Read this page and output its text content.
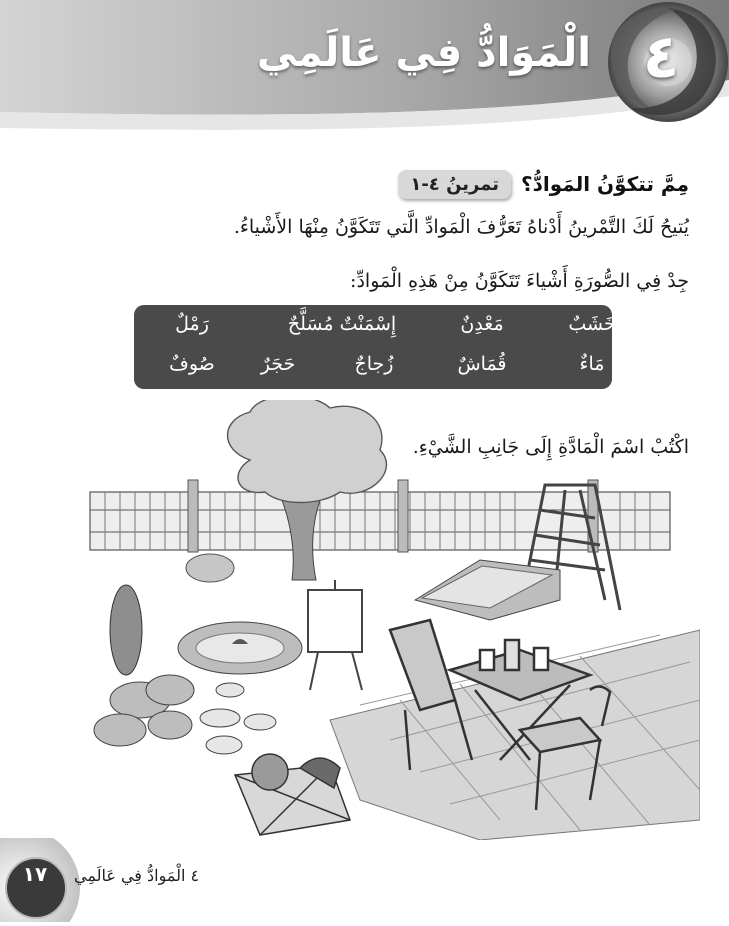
الْمَوَادُّ فِي عَالَمِي ٤
تمرينُ ٤-١	مِمَّ تتكوَّنُ المَوادُّ؟
يُتيحُ لَكَ التَّمْرينُ أَدْناهُ تَعَرُّفَ الْمَوادِّ الَّتي تَتَكَوَّنُ مِنْهَا الأَشْياءُ.
جِدْ فِي الصُّورَةِ أَشْياءَ تَتَكَوَّنُ مِنْ هَذِهِ الْمَوادِّ:
خَشَبٌ
مَعْدِنٌ
إِسْمَنْتٌ مُسَلَّحٌ
رَمْلٌ
مَاءٌ
قُمَاشٌ
زُجاجٌ
حَجَرٌ
صُوفٌ
اكْتُبْ اسْمَ الْمَادَّةِ إِلَى جَانِبِ الشَّيْءِ.
١٧	٤ الْمَوادُّ فِي عَالَمِي
